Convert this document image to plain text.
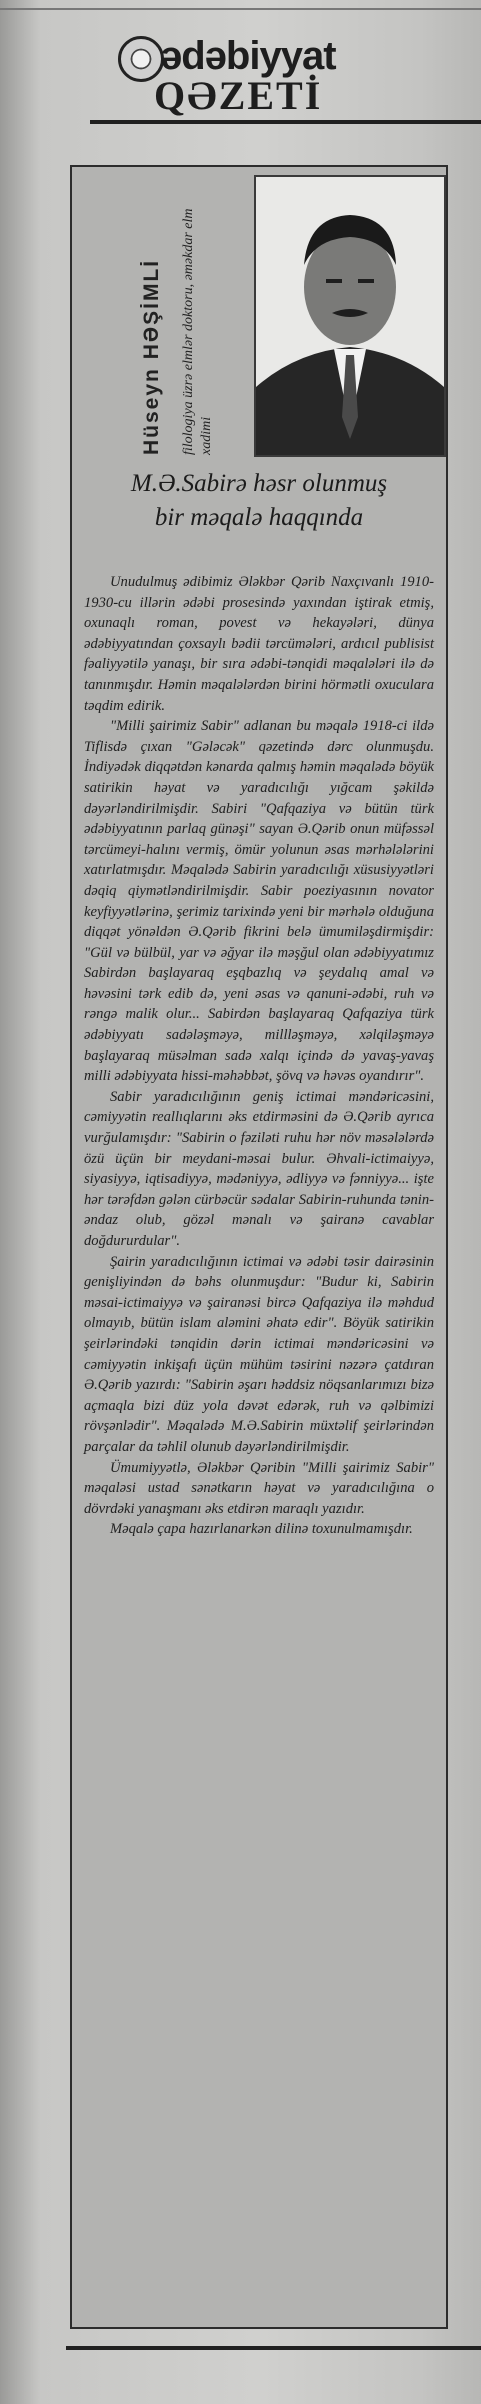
ədəbiyyat
QƏZETİ
Hüseyn HƏŞİMLİ	filologiya üzrə elmlər doktoru, əməkdar elm xadimi
M.Ə.Sabirə həsr olunmuş
bir məqalə haqqında

Unudulmuş ədibimiz Ələkbər Qərib Naxçıvanlı 1910-1930-cu illərin ədəbi prosesində yaxından iştirak etmiş, oxunaqlı roman, povest və hekayələri, dünya ədəbiyyatından çoxsaylı bədii tərcümələri, ardıcıl publisist fəaliyyətilə yanaşı, bir sıra ədəbi-tənqidi məqalələri ilə də tanınmışdır. Həmin məqalələrdən birini hörmətli oxuculara təqdim edirik.

"Milli şairimiz Sabir" adlanan bu məqalə 1918-ci ildə Tiflisdə çıxan "Gələcək" qəzetində dərc olunmuşdu. İndiyədək diqqətdən kənarda qalmış həmin məqalədə böyük satirikin həyat və yaradıcılığı yığcam şəkildə dəyərləndirilmişdir. Sabiri "Qafqaziya və bütün türk ədəbiyyatının parlaq günəşi" sayan Ə.Qərib onun müfəssəl tərcümeyi-halını vermiş, ömür yolunun əsas mərhələlərini xatırlatmışdır. Məqalədə Sabirin yaradıcılığı xüsusiyyətləri dəqiq qiymətləndirilmişdir. Sabir poeziyasının novator keyfiyyətlərinə, şerimiz tarixində yeni bir mərhələ olduğuna diqqət yönəldən Ə.Qərib fikrini belə ümumiləşdirmişdir: "Gül və bülbül, yar və əğyar ilə məşğul olan ədəbiyyatımız Sabirdən başlayaraq eşqbazlıq və şeydalıq amal və həvəsini tərk edib də, yeni əsas və qanuni-ədəbi, ruh və rəngə malik olur... Sabirdən başlayaraq Qafqaziya türk ədəbiyyatı sadələşməyə, millləşməyə, xəlqiləşməyə başlayaraq müsəlman sadə xalqı içində də yavaş-yavaş milli ədəbiyyata hissi-məhəbbət, şövq və həvəs oyandırır".

Sabir yaradıcılığının geniş ictimai məndəricəsini, cəmiyyətin reallıqlarını əks etdirməsini də Ə.Qərib ayrıca vurğulamışdır: "Sabirin o fəziləti ruhu hər növ məsələlərdə özü üçün bir meydani-məsai bulur. Əhvali-ictimaiyyə, siyasiyyə, iqtisadiyyə, mədəniyyə, ədliyyə və fənniyyə... işte hər tərəfdən gələn cürbəcür sədalar Sabirin-ruhunda tənin-əndaz olub, gözəl mənalı və şairanə cavablar doğdururdular".

Şairin yaradıcılığının ictimai və ədəbi təsir dairəsinin genişliyindən də bəhs olunmuşdur: "Budur ki, Sabirin məsai-ictimaiyyə və şairanəsi bircə Qafqaziya ilə məhdud olmayıb, bütün islam aləmini əhatə edir". Böyük satirikin şeirlərindəki tənqidin dərin ictimai məndəricəsini və cəmiyyətin inkişafı üçün mühüm təsirini nəzərə çatdıran Ə.Qərib yazırdı: "Sabirin əşarı həddsiz nöqsanlarımızı bizə açmaqla bizi düz yola dəvət edərək, ruh və qəlbimizi rövşənlədir". Məqalədə M.Ə.Sabirin müxtəlif şeirlərindən parçalar da təhlil olunub dəyərləndirilmişdir.

Ümumiyyətlə, Ələkbər Qəribin "Milli şairimiz Sabir" məqaləsi ustad sənətkarın həyat və yaradıcılığına o dövrdəki yanaşmanı əks etdirən maraqlı yazıdır.

Məqalə çapa hazırlanarkən dilinə toxunulmamışdır.
